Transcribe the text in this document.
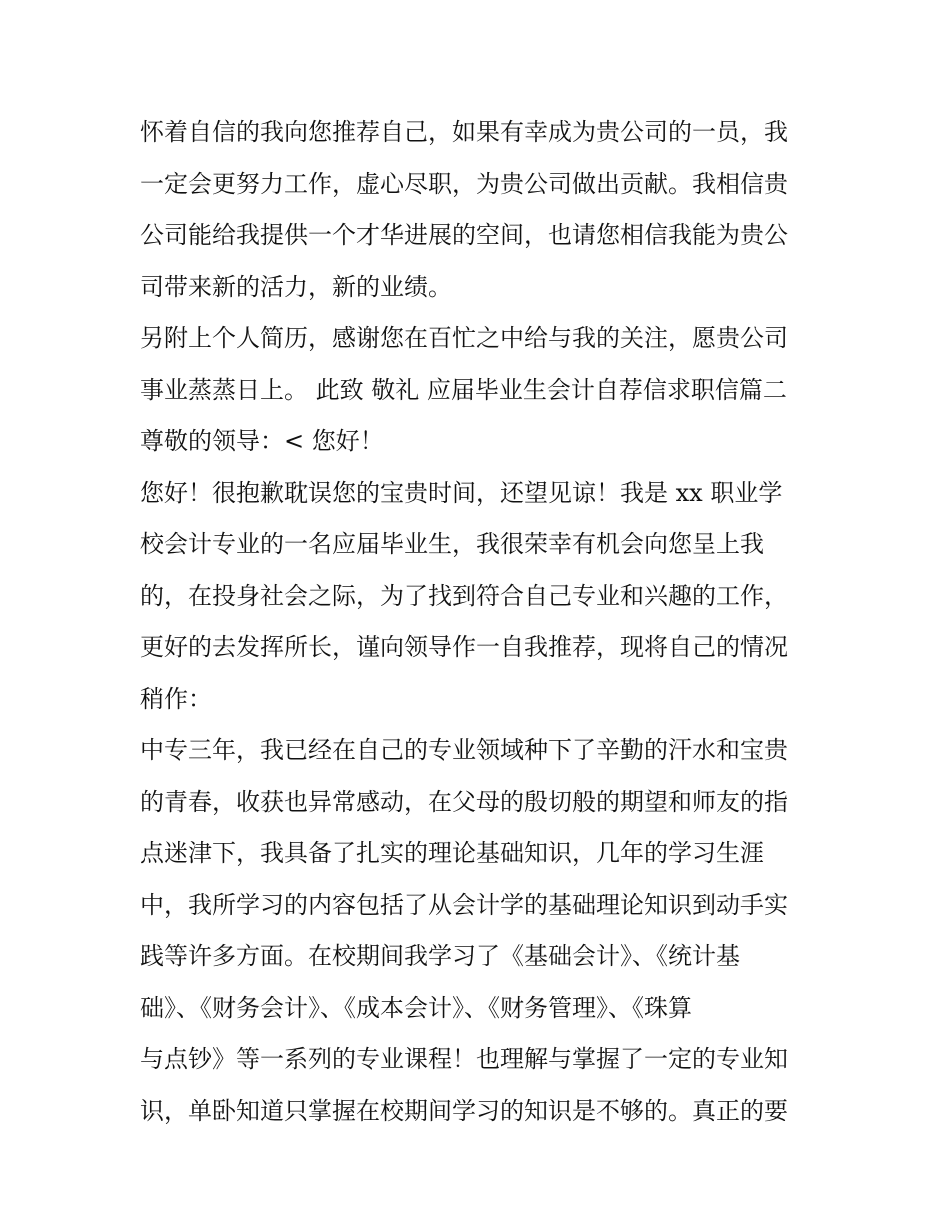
怀着自信的我向您推荐自己，如果有幸成为贵公司的一员，我
一定会更努力工作，虚心尽职，为贵公司做出贡献。我相信贵
公司能给我提供一个才华进展的空间，也请您相信我能为贵公
司带来新的活力，新的业绩。
另附上个人简历，感谢您在百忙之中给与我的关注，愿贵公司
事业蒸蒸日上。 此致 敬礼 应届毕业生会计自荐信求职信篇二
尊敬的领导：< 您好！
您好！很抱歉耽误您的宝贵时间，还望见谅！我是 xx 职业学
校会计专业的一名应届毕业生，我很荣幸有机会向您呈上我
的，在投身社会之际，为了找到符合自己专业和兴趣的工作，
更好的去发挥所长，谨向领导作一自我推荐，现将自己的情况
稍作：
中专三年，我已经在自己的专业领域种下了辛勤的汗水和宝贵
的青春，收获也异常感动，在父母的殷切般的期望和师友的指
点迷津下，我具备了扎实的理论基础知识，几年的学习生涯
中，我所学习的内容包括了从会计学的基础理论知识到动手实
践等许多方面。在校期间我学习了《基础会计》、《统计基
础》、《财务会计》、《成本会计》、《财务管理》、《珠算
与点钞》等一系列的专业课程！也理解与掌握了一定的专业知
识，单卧知道只掌握在校期间学习的知识是不够的。真正的要
